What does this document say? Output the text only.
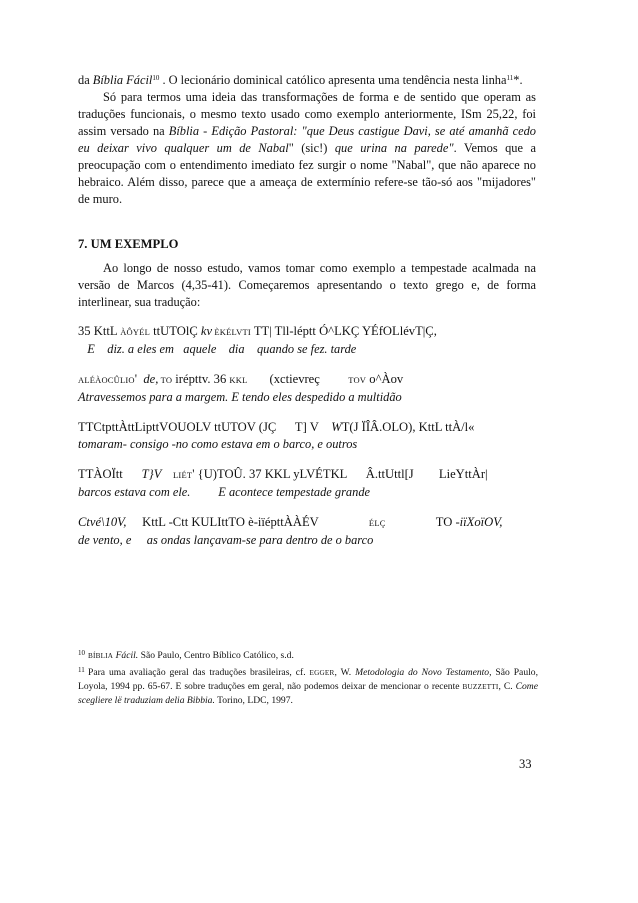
da Bíblia Fácil$^{10}$ . O lecionário dominical católico apresenta uma tendência nesta linha$^{11}$*.

Só para termos uma ideia das transformações de forma e de sentido que operam as traduções funcionais, o mesmo texto usado como exemplo anteriormente, ISm 25,22, foi assim versado na Bíblia - Edição Pastoral: "que Deus castigue Davi, se até amanhã cedo eu deixar vivo qualquer um de Nabal" (sic!) que urina na parede". Vemos que a preocupação com o entendimento imediato fez surgir o nome "Nabal", que não aparece no hebraico. Além disso, parece que a ameaça de extermínio refere-se tão-só aos "mijadores" de muro.

7. UM EXEMPLO

Ao longo de nosso estudo, vamos tomar como exemplo a tempestade acalmada na versão de Marcos (4,35-41). Começaremos apresentando o texto grego e, de forma interlinear, sua tradução:

35 KttL ÀÔYÉL ttUTOlÇ kv ÈKÉLVTI TT| Tll-léptt Ó^LKÇ YÉfOLlévT|Ç,
E    diz. a eles em   aquele    dia    quando se fez. tarde
ALÉÀOCÛLIO'  de, TO irépttv. 36 KKL       (xctievreç         TOV o^Àov
Atravessemos para a margem. E tendo eles despedido a multidão
TTCtpttÀttLipttVOUOLV ttUTOV (JÇ      T] V    WT(J ÏÎÂ.OLO), KttL ttÀ/l«
tomaram- consigo -no como estava em o barco, e outros
TTÀOÏtt      T}V     LIÉT' {U)TOÛ. 37 KKL yLVÉTKL      Â.ttUttl[J        LieYttÀr|
barcos estava com ele.         E acontece tempestade grande
Ctvé\10V,     KttL -Ctt KULIttTO è-iïépttÀÀÉV                ÉLÇ                TO -iïXoïOV,
de vento, e     as ondas lançavam-se para dentro de o barco
10 BÍBLIA Fácil. São Paulo, Centro Bíblico Católico, s.d.
11 Para uma avaliação geral das traduções brasileiras, cf. EGGER, W. Metodologia do Novo Testamento, São Paulo, Loyola, 1994 pp. 65-67. E sobre traduções em geral, não podemos deixar de mencionar o recente BUZZETTI, C. Come scegliere lë traduziam delia Bibbia. Torino, LDC, 1997.
33
